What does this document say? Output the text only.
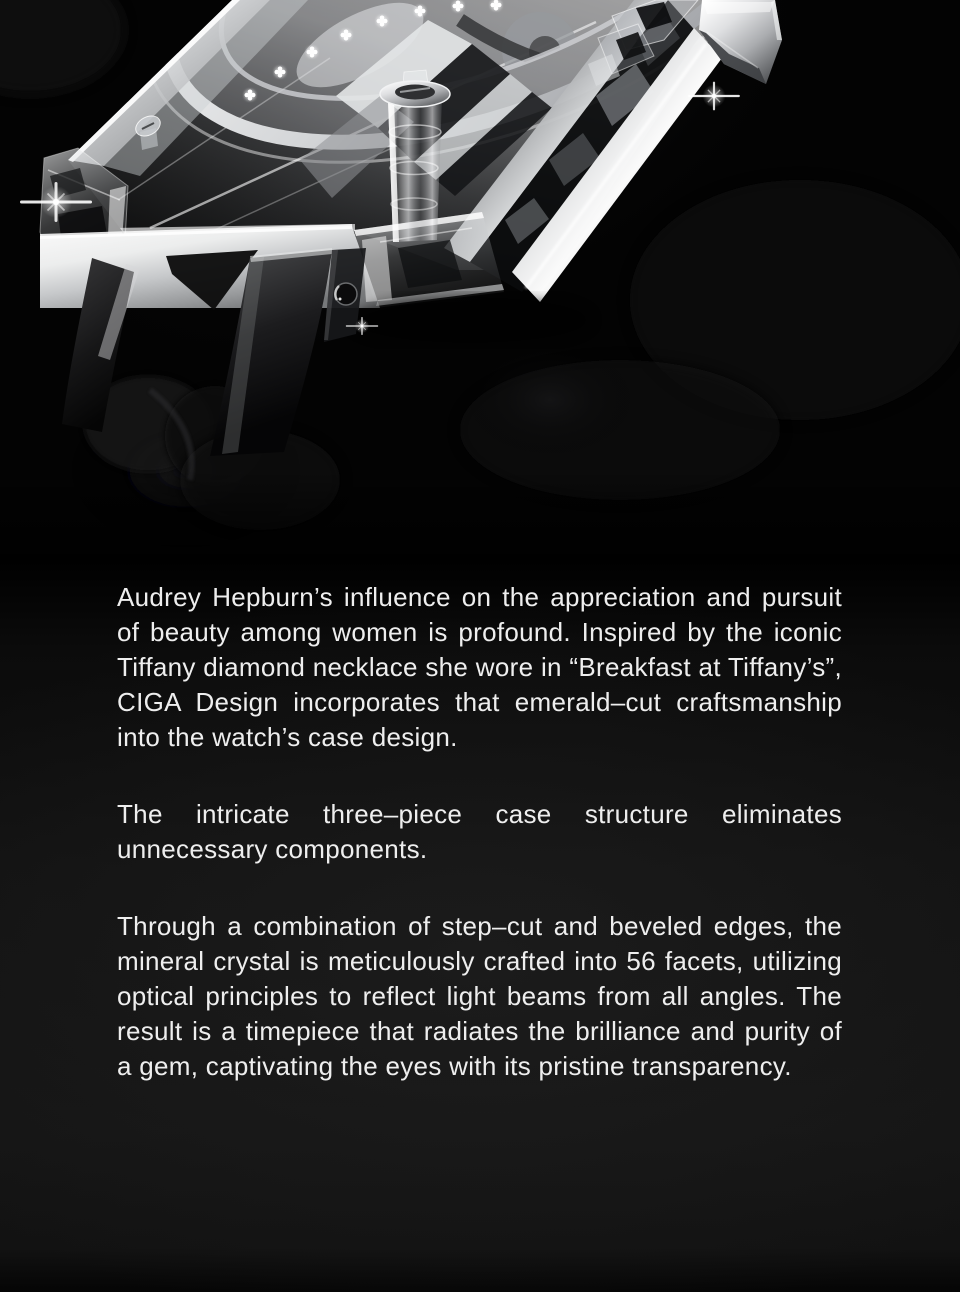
Audrey Hepburn’s influence on the appreciation and pursuit of beauty among women is profound. Inspired by the iconic Tiffany diamond necklace she wore in “Breakfast at Tiffany’s”, CIGA Design incorporates that emerald–cut craftsmanship into the watch’s case design.

The intricate three–piece case structure eliminates unnecessary components.

Through a combination of step–cut and beveled edges, the mineral crystal is meticulously crafted into 56 facets, utilizing optical principles to reflect light beams from all angles. The result is a timepiece that radiates the brilliance and purity of a gem, captivating the eyes with its pristine transparency.
